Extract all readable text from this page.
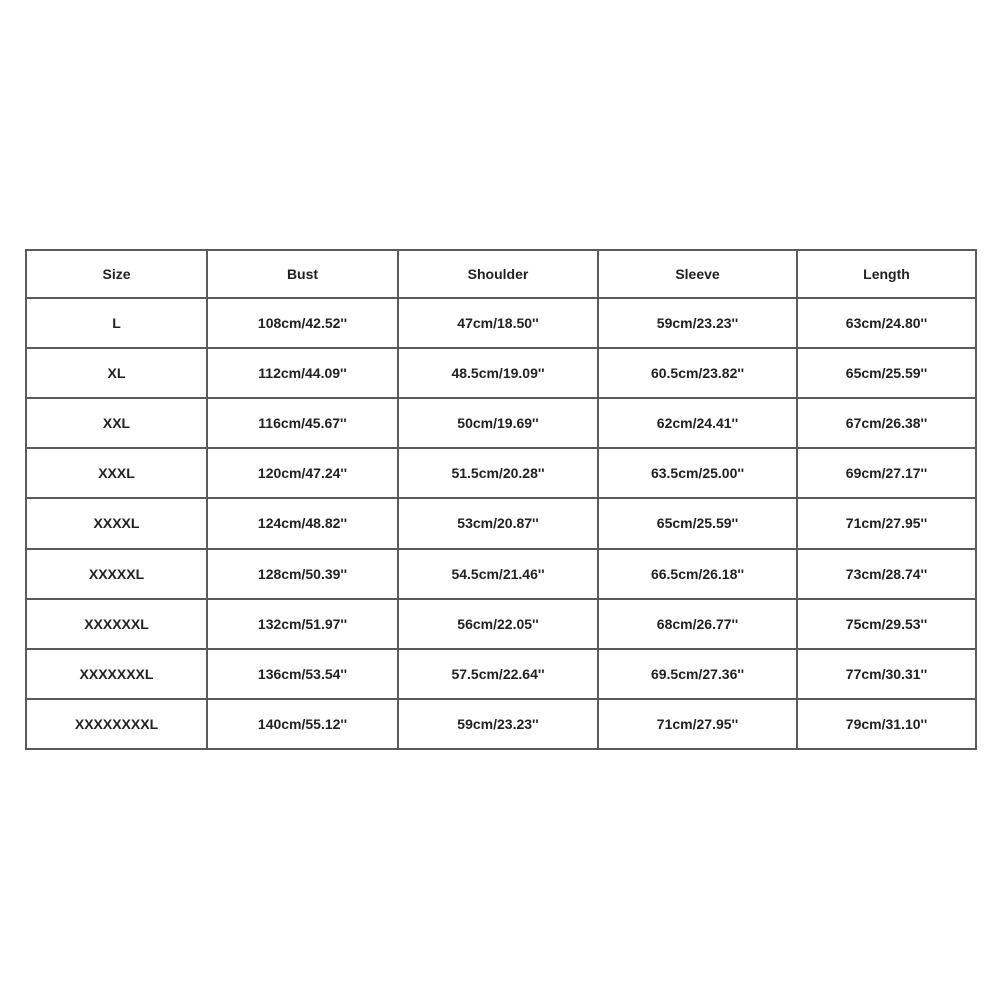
Size	Bust	Shoulder	Sleeve	Length
L	108cm/42.52''	47cm/18.50''	59cm/23.23''	63cm/24.80''
XL	112cm/44.09''	48.5cm/19.09''	60.5cm/23.82''	65cm/25.59''
XXL	116cm/45.67''	50cm/19.69''	62cm/24.41''	67cm/26.38''
XXXL	120cm/47.24''	51.5cm/20.28''	63.5cm/25.00''	69cm/27.17''
XXXXL	124cm/48.82''	53cm/20.87''	65cm/25.59''	71cm/27.95''
XXXXXL	128cm/50.39''	54.5cm/21.46''	66.5cm/26.18''	73cm/28.74''
XXXXXXL	132cm/51.97''	56cm/22.05''	68cm/26.77''	75cm/29.53''
XXXXXXXL	136cm/53.54''	57.5cm/22.64''	69.5cm/27.36''	77cm/30.31''
XXXXXXXXL	140cm/55.12''	59cm/23.23''	71cm/27.95''	79cm/31.10''
